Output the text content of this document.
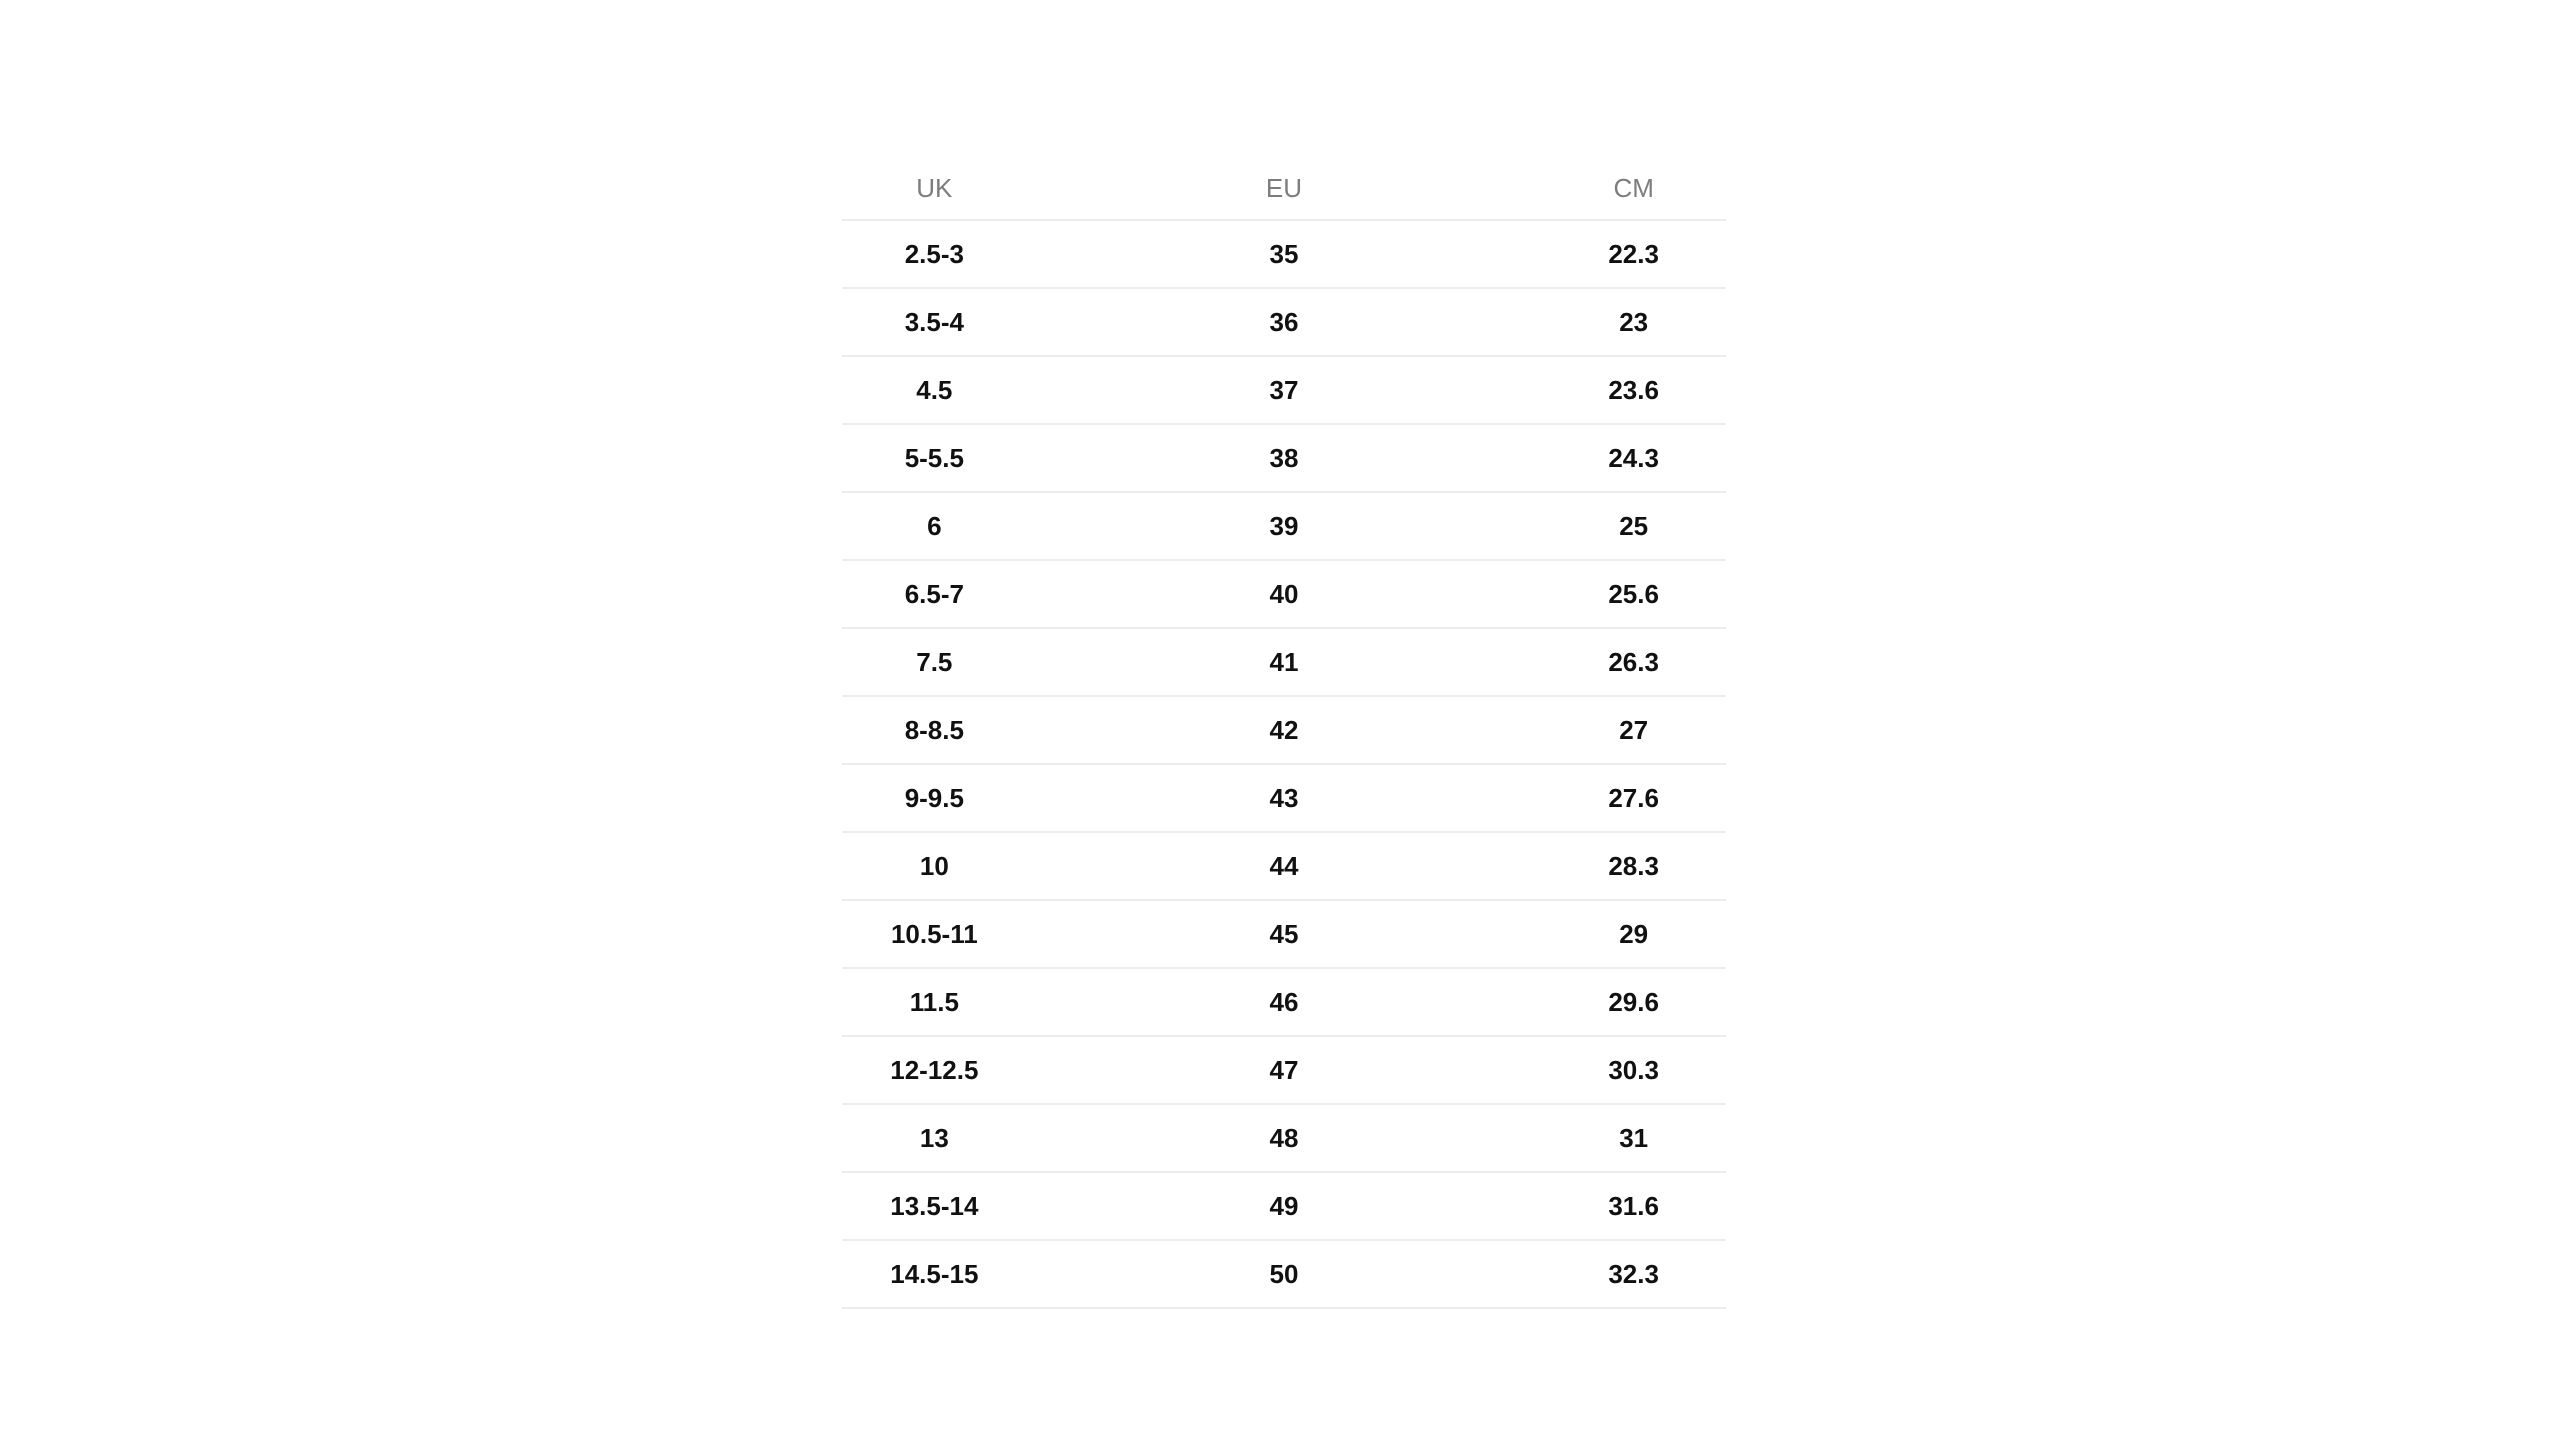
UK	EU	CM
2.5-3	35	22.3
3.5-4	36	23
4.5	37	23.6
5-5.5	38	24.3
6	39	25
6.5-7	40	25.6
7.5	41	26.3
8-8.5	42	27
9-9.5	43	27.6
10	44	28.3
10.5-11	45	29
11.5	46	29.6
12-12.5	47	30.3
13	48	31
13.5-14	49	31.6
14.5-15	50	32.3
